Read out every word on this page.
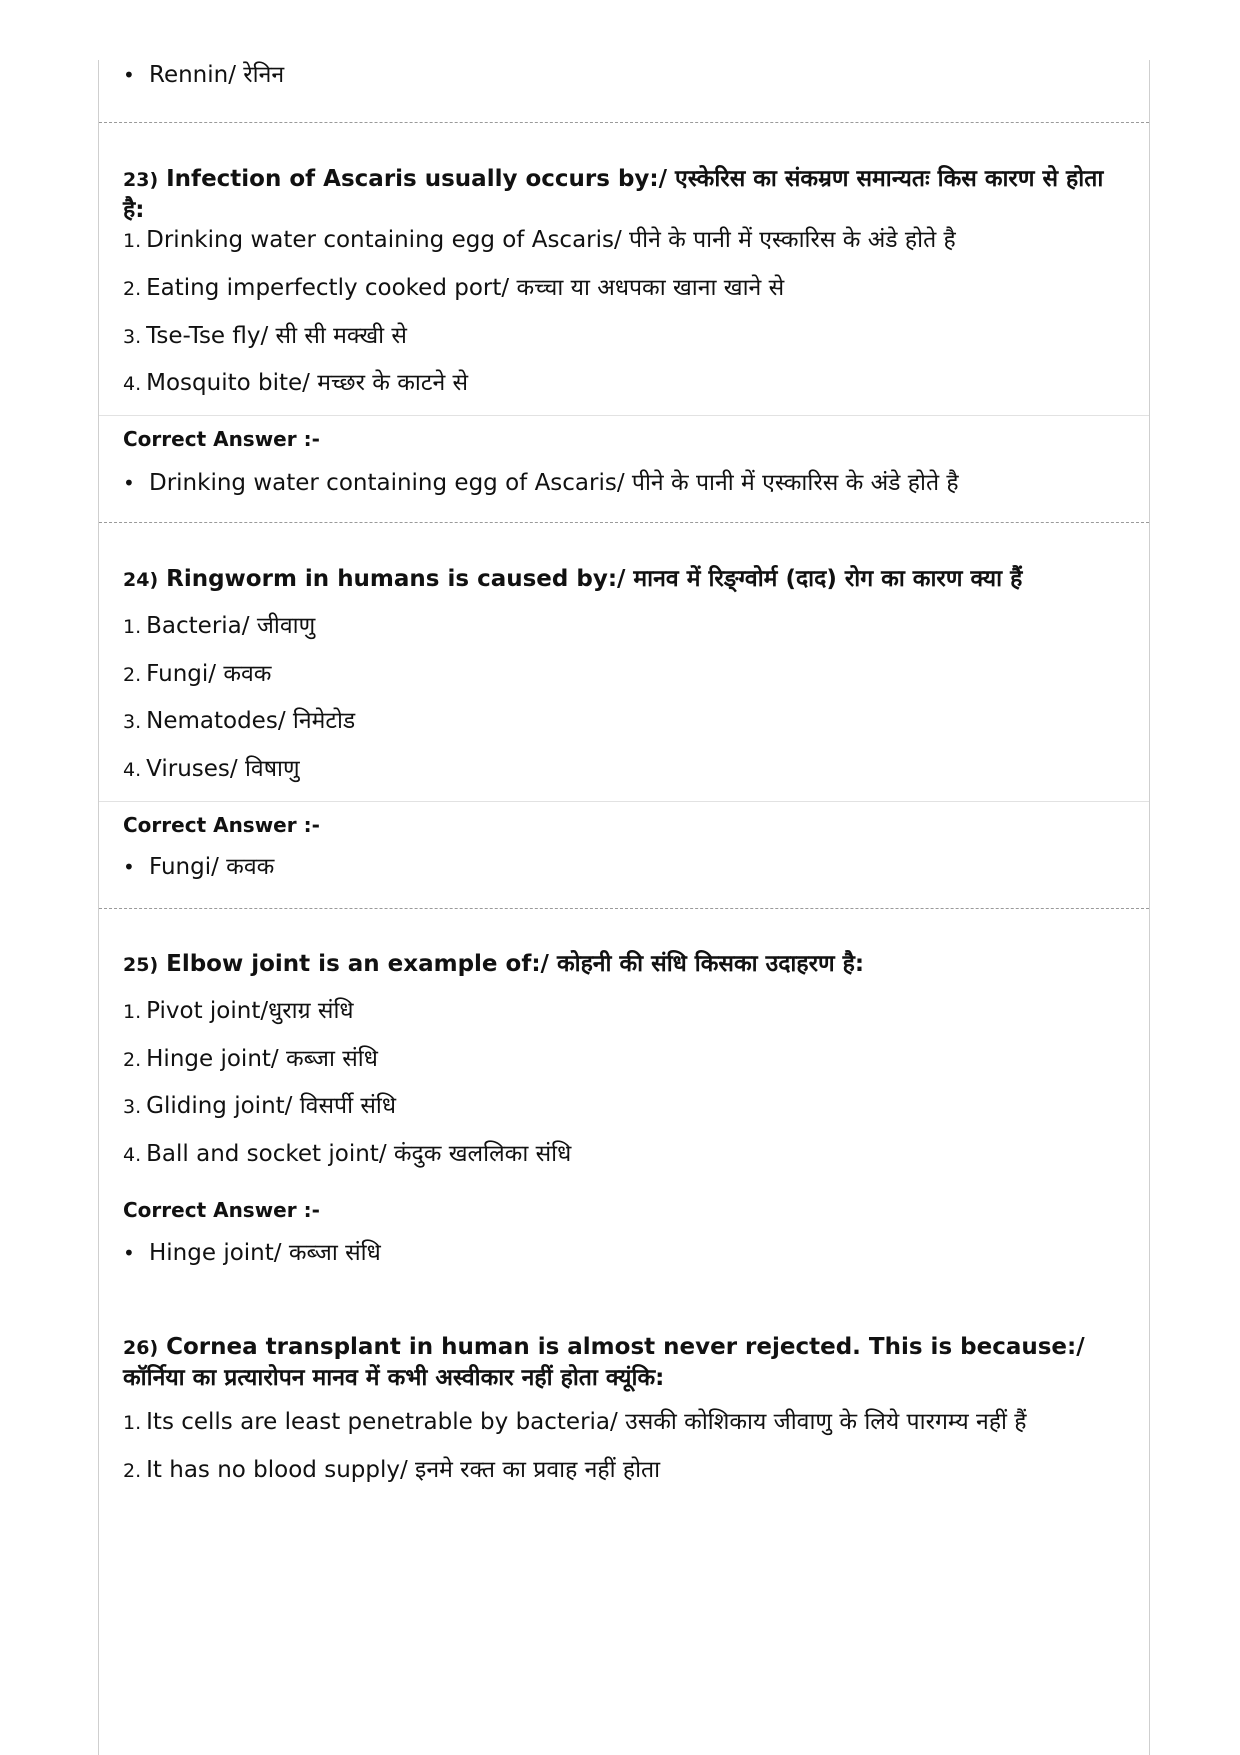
• Rennin/ रेनिन
23) Infection of Ascaris usually occurs by:/ एस्केरिस का संकम्रण समान्यतः किस कारण से होता है:
1. Drinking water containing egg of Ascaris/ पीने के पानी में एस्कारिस के अंडे होते है
2. Eating imperfectly cooked port/ कच्चा या अधपका खाना खाने से
3. Tse-Tse fly/ सी सी मक्खी से
4. Mosquito bite/ मच्छर के काटने से
Correct Answer :-
• Drinking water containing egg of Ascaris/ पीने के पानी में एस्कारिस के अंडे होते है
24) Ringworm in humans is caused by:/ मानव में रिङ्ग्वोर्म (दाद) रोग का कारण क्या हैं
1. Bacteria/ जीवाणु
2. Fungi/ कवक
3. Nematodes/ निमेटोड
4. Viruses/ विषाणु
Correct Answer :-
• Fungi/ कवक
25) Elbow joint is an example of:/ कोहनी की संधि किसका उदाहरण है:
1. Pivot joint/धुराग्र संधि
2. Hinge joint/ कब्जा संधि
3. Gliding joint/ विसर्पी संधि
4. Ball and socket joint/ कंदुक खललिका संधि
Correct Answer :-
• Hinge joint/ कब्जा संधि
26) Cornea transplant in human is almost never rejected. This is because:/ कॉर्निया का प्रत्यारोपन मानव में कभी अस्वीकार नहीं होता क्यूंकि:
1. Its cells are least penetrable by bacteria/ उसकी कोशिकाय जीवाणु के लिये पारगम्य नहीं हैं
2. It has no blood supply/ इनमे रक्त का प्रवाह नहीं होता
